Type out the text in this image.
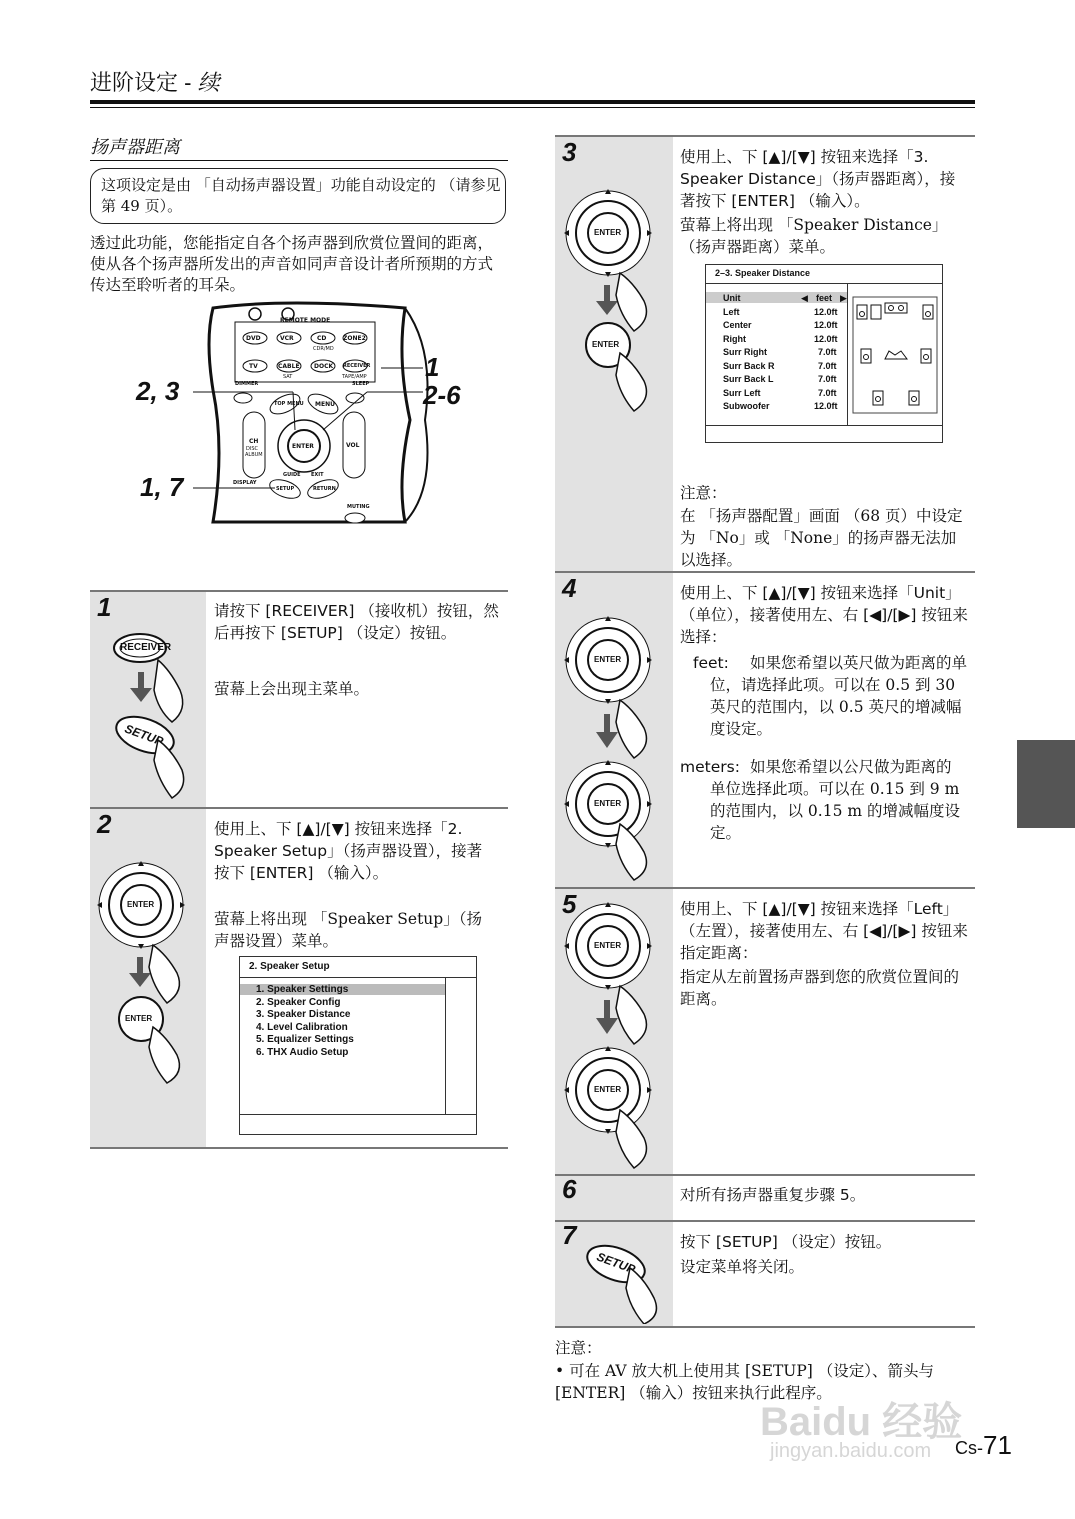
进阶设定 - 续
扬声器距离
这项设定是由 「自动扬声器设置」功能自动设定的 （请参见第 49 页）。
透过此功能，您能指定自各个扬声器到欣赏位置间的距离，使从各个扬声器所发出的声音如同声音设计者所预期的方式传达至聆听者的耳朵。
REMOTE MODE
DVD	VCR	CD
CDR/MD
ZONE2
TV	CABLE
SAT
DOCK RECEIVER
TAPE/AMP
DIMMER	SLEEP
TOP MENU MENU
ENTER
CH
DISC
ALBUM
VOL
GUIDE EXIT
SETUP	RETURN
DISPLAY
MUTING
2, 3
1, 7
1
2-6
1
RECEIVER
SETUP
请按下 [RECEIVER] （接收机）按钮，然后再按下 [SETUP] （设定）按钮。
萤幕上会出现主菜单。
2
ENTER
ENTER
使用上、下 [▲]/[▼] 按钮来选择「2. Speaker Setup」（扬声器设置），接著按下 [ENTER] （输入）。
萤幕上将出现 「Speaker Setup」（扬声器设置）菜单。
2. Speaker Setup
1. Speaker Settings
2. Speaker Config
3. Speaker Distance
4. Level Calibration
5. Equalizer Settings
6. THX Audio Setup
3
ENTER
ENTER
使用上、下 [▲]/[▼] 按钮来选择「3. Speaker Distance」（扬声器距离），接著按下 [ENTER] （输入）。
萤幕上将出现 「Speaker Distance」（扬声器距离）菜单。
2–3. Speaker Distance
◀	▶
Unit	feet
Left	12.0ft
Center	12.0ft
Right	12.0ft
Surr Right	7.0ft
Surr Back R	7.0ft
Surr Back L	7.0ft
Surr Left	7.0ft
Subwoofer	12.0ft
注意：
在 「扬声器配置」画面 （68 页）中设定为 「No」或 「None」的扬声器无法加以选择。
4
ENTER
ENTER
使用上、下 [▲]/[▼] 按钮来选择「Unit」（单位），接著使用左、右 [◀]/[▶] 按钮来选择：
feet:	如果您希望以英尺做为距离的单位，请选择此项。可以在 0.5 到 30 英尺的范围内，以 0.5 英尺的增减幅度设定。
meters: 如果您希望以公尺做为距离的单位选择此项。可以在 0.15 到 9 m 的范围内，以 0.15 m 的增减幅度设定。
5
ENTER
ENTER
使用上、下 [▲]/[▼] 按钮来选择「Left」（左置），接著使用左、右 [◀]/[▶] 按钮来指定距离：
指定从左前置扬声器到您的欣赏位置间的距离。
6	对所有扬声器重复步骤 5。
7
SETUP
按下 [SETUP] （设定）按钮。
设定菜单将关闭。
注意：
• 可在 AV 放大机上使用其 [SETUP] （设定）、箭头与 [ENTER] （输入）按钮来执行此程序。
Baidu 经验
jingyan.baidu.com Cs-71
